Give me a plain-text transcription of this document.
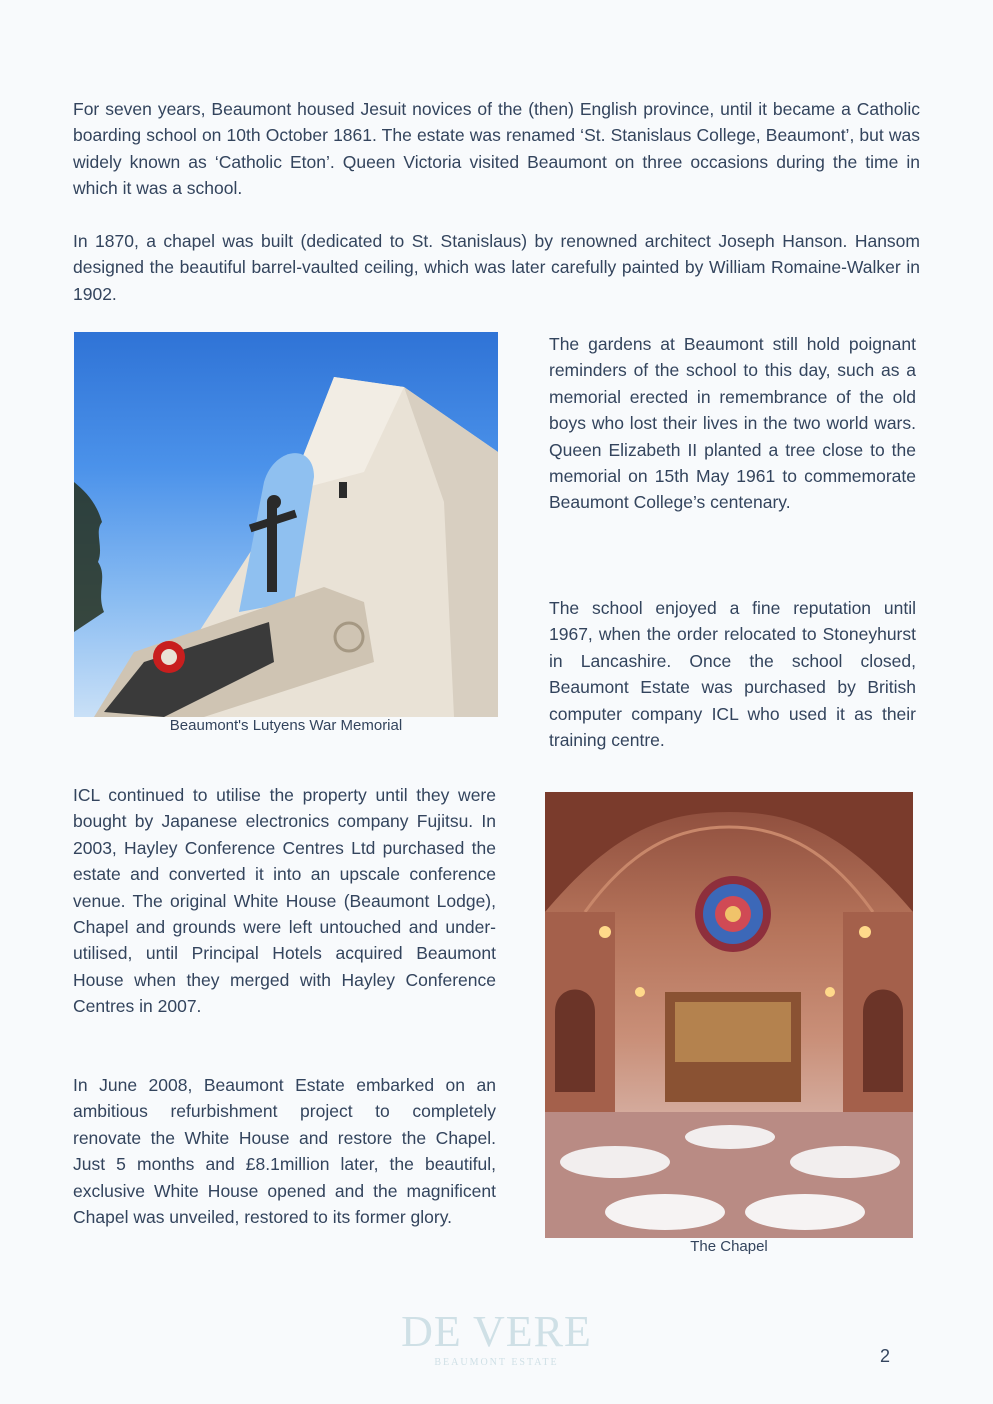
For seven years, Beaumont housed Jesuit novices of the (then) English province, until it became a Catholic boarding school on 10th October 1861. The estate was renamed ‘St. Stanislaus College, Beaumont’, but was widely known as ‘Catholic Eton’. Queen Victoria visited Beaumont on three occasions during the time in which it was a school.

In 1870, a chapel was built (dedicated to St. Stanislaus) by renowned architect Joseph Hanson. Hansom designed the beautiful barrel-vaulted ceiling, which was later carefully painted by William Romaine-Walker in 1902.

Beaumont's Lutyens War Memorial

The gardens at Beaumont still hold poignant reminders of the school to this day, such as a memorial erected in remembrance of the old boys who lost their lives in the two world wars. Queen Elizabeth II planted a tree close to the memorial on 15th May 1961 to commemorate Beaumont College’s centenary.

The school enjoyed a fine reputation until 1967, when the order relocated to Stoneyhurst in Lancashire. Once the school closed, Beaumont Estate was purchased by British computer company ICL who used it as their training centre.

ICL continued to utilise the property until they were bought by Japanese electronics company Fujitsu. In 2003, Hayley Conference Centres Ltd purchased the estate and converted it into an upscale conference venue. The original White House (Beaumont Lodge), Chapel and grounds were left untouched and under-utilised, until Principal Hotels acquired Beaumont House when they merged with Hayley Conference Centres in 2007.

In June 2008, Beaumont Estate embarked on an ambitious refurbishment project to completely renovate the White House and restore the Chapel. Just 5 months and £8.1million later, the beautiful, exclusive White House opened and the magnificent Chapel was unveiled, restored to its former glory.

The Chapel
DE VERE
BEAUMONT ESTATE	2
